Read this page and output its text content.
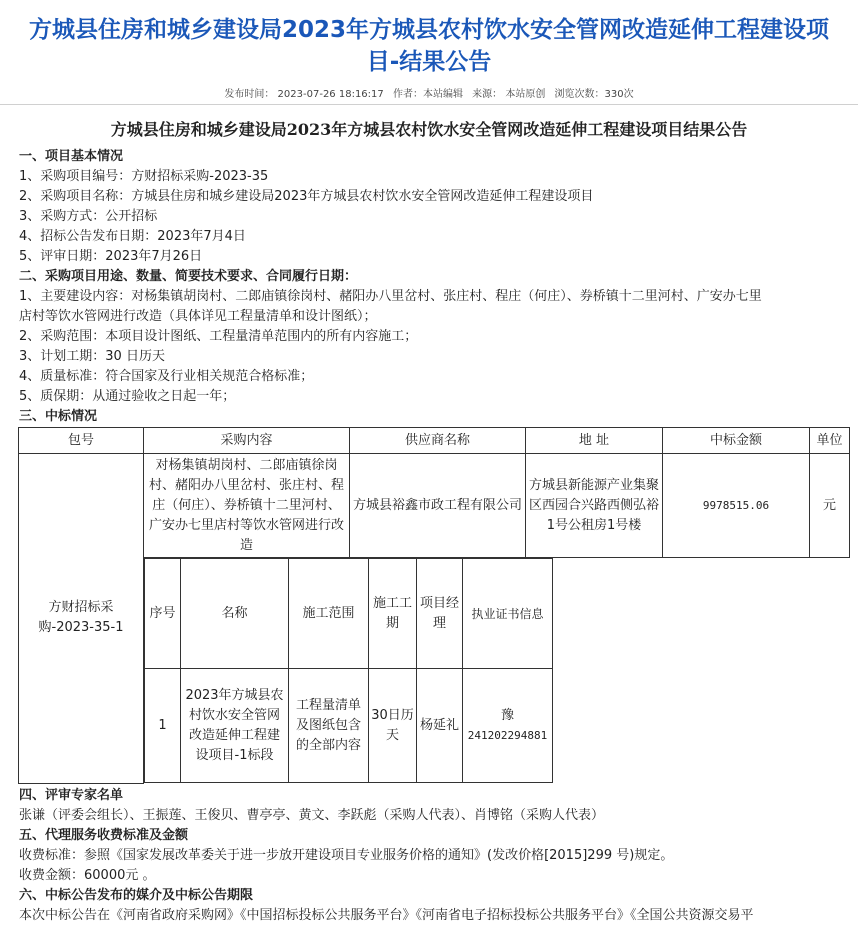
方城县住房和城乡建设局2023年方城县农村饮水安全管网改造延伸工程建设项目-结果公告
发布时间： 2023-07-26 18:16:17 作者：本站编辑 来源： 本站原创 浏览次数：330次
方城县住房和城乡建设局2023年方城县农村饮水安全管网改造延伸工程建设项目结果公告
一、项目基本情况
1、采购项目编号：方财招标采购-2023-35
2、采购项目名称：方城县住房和城乡建设局2023年方城县农村饮水安全管网改造延伸工程建设项目
3、采购方式：公开招标
4、招标公告发布日期：2023年7月4日
5、评审日期：2023年7月26日
二、采购项目用途、数量、简要技术要求、合同履行日期：
1、主要建设内容：对杨集镇胡岗村、二郎庙镇徐岗村、赭阳办八里岔村、张庄村、程庄（何庄）、券桥镇十二里河村、广安办七里
店村等饮水管网进行改造（具体详见工程量清单和设计图纸）；
2、采购范围：本项目设计图纸、工程量清单范围内的所有内容施工；
3、计划工期：30 日历天
4、质量标准：符合国家及行业相关规范合格标准；
5、质保期：从通过验收之日起一年；
三、中标情况
包号	采购内容	供应商名称	地 址	中标金额	单位
方财招标采购-2023-35-1	对杨集镇胡岗村、二郎庙镇徐岗村、赭阳办八里岔村、张庄村、程庄（何庄）、券桥镇十二里河村、广安办七里店村等饮水管网进行改造	方城县裕鑫市政工程有限公司	方城县新能源产业集聚区西园合兴路西侧弘裕1号公租房1号楼	9978515.06	元

序号	名称	施工范围	施工工期	项目经理	执业证书信息
1	2023年方城县农村饮水安全管网改造延伸工程建设项目-1标段	工程量清单及图纸包含的全部内容	30日历天	杨延礼	
豫
241202294881
四、评审专家名单
张谦（评委会组长）、王振莲、王俊贝、曹亭亭、黄文、李跃彪（采购人代表）、肖博铭（采购人代表）
五、代理服务收费标准及金额
收费标准：参照《国家发展改革委关于进一步放开建设项目专业服务价格的通知》(发改价格[2015]299 号)规定。
收费金额：60000元 。
六、中标公告发布的媒介及中标公告期限
本次中标公告在《河南省政府采购网》《中国招标投标公共服务平台》《河南省电子招标投标公共服务平台》《全国公共资源交易平
